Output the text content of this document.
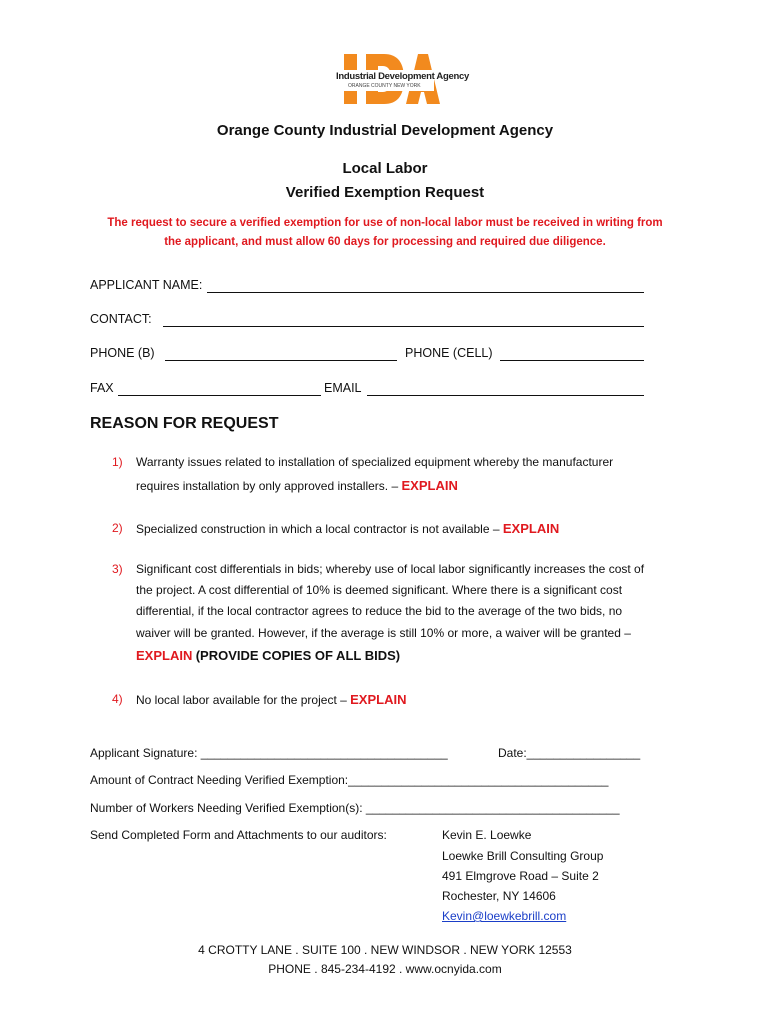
Industrial Development Agency
ORANGE COUNTY NEW YORK
Orange County Industrial Development Agency
Local Labor
Verified Exemption Request
The request to secure a verified exemption for use of non-local labor must be received in writing from
the applicant, and must allow 60 days for processing and required due diligence.
APPLICANT NAME:
CONTACT:
PHONE (B)	PHONE (CELL)
FAX	EMAIL
REASON FOR REQUEST
1) Warranty issues related to installation of specialized equipment whereby the manufacturer
requires installation by only approved installers. – EXPLAIN
2) Specialized construction in which a local contractor is not available – EXPLAIN
3) Significant cost differentials in bids; whereby use of local labor significantly increases the cost of
the project. A cost differential of 10% is deemed significant. Where there is a significant cost
differential, if the local contractor agrees to reduce the bid to the average of the two bids, no
waiver will be granted. However, if the average is still 10% or more, a waiver will be granted –
EXPLAIN (PROVIDE COPIES OF ALL BIDS)
4) No local labor available for the project – EXPLAIN
Applicant Signature: _____________________________________	Date:_________________
Amount of Contract Needing Verified Exemption:_______________________________________
Number of Workers Needing Verified Exemption(s): ______________________________________
Send Completed Form and Attachments to our auditors:	Kevin E. Loewke
Loewke Brill Consulting Group
491 Elmgrove Road – Suite 2
Rochester, NY 14606
Kevin@loewkebrill.com
4 CROTTY LANE . SUITE 100 . NEW WINDSOR . NEW YORK 12553
PHONE . 845-234-4192 . www.ocnyida.com
